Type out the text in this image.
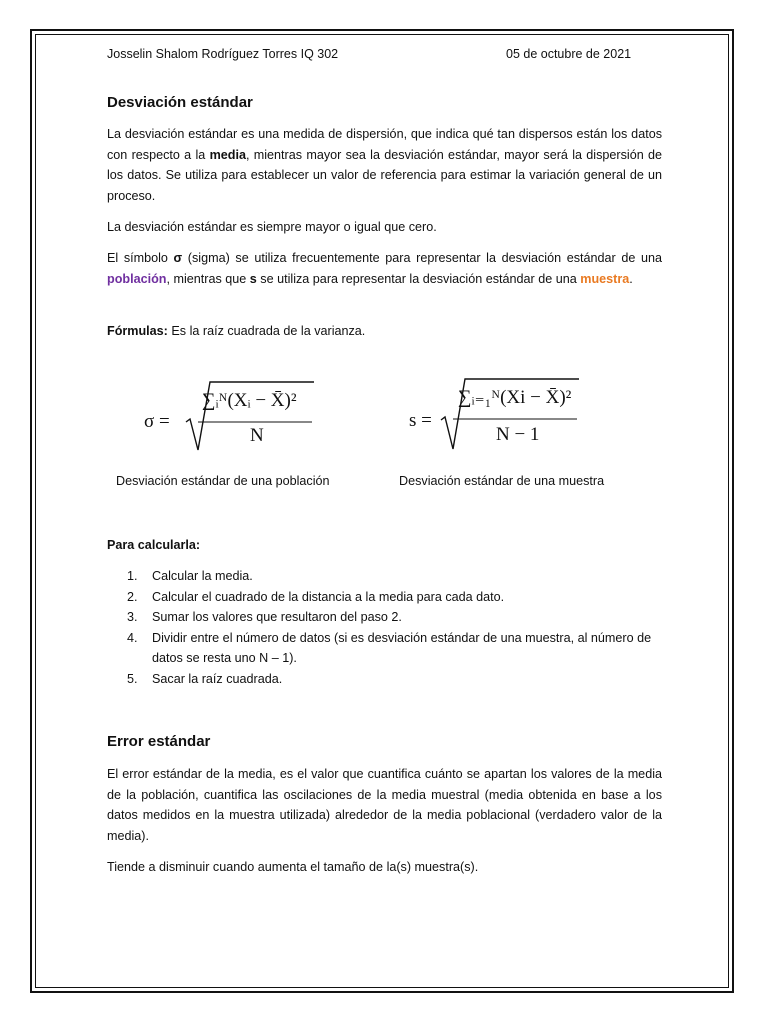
Josselin Shalom Rodríguez Torres IQ 302	05 de octubre de 2021
Desviación estándar
La desviación estándar es una medida de dispersión, que indica qué tan dispersos están los datos con respecto a la media, mientras mayor sea la desviación estándar, mayor será la dispersión de los datos. Se utiliza para establecer un valor de referencia para estimar la variación general de un proceso.
La desviación estándar es siempre mayor o igual que cero.
El símbolo σ (sigma) se utiliza frecuentemente para representar la desviación estándar de una población, mientras que s se utiliza para representar la desviación estándar de una muestra.
Fórmulas: Es la raíz cuadrada de la varianza.
σ =
∑ᵢᴺ(Xᵢ − X̄)²
N
Desviación estándar de una población
s =
∑ᵢ₌₁ᴺ(Xi − X̄)²
N − 1
Desviación estándar de una muestra
Para calcularla:
1. Calcular la media.
2. Calcular el cuadrado de la distancia a la media para cada dato.
3. Sumar los valores que resultaron del paso 2.
4. Dividir entre el número de datos (si es desviación estándar de una muestra, al número de datos se resta uno N – 1).
5. Sacar la raíz cuadrada.
Error estándar
El error estándar de la media, es el valor que cuantifica cuánto se apartan los valores de la media de la población, cuantifica las oscilaciones de la media muestral (media obtenida en base a los datos medidos en la muestra utilizada) alrededor de la media poblacional (verdadero valor de la media).
Tiende a disminuir cuando aumenta el tamaño de la(s) muestra(s).
